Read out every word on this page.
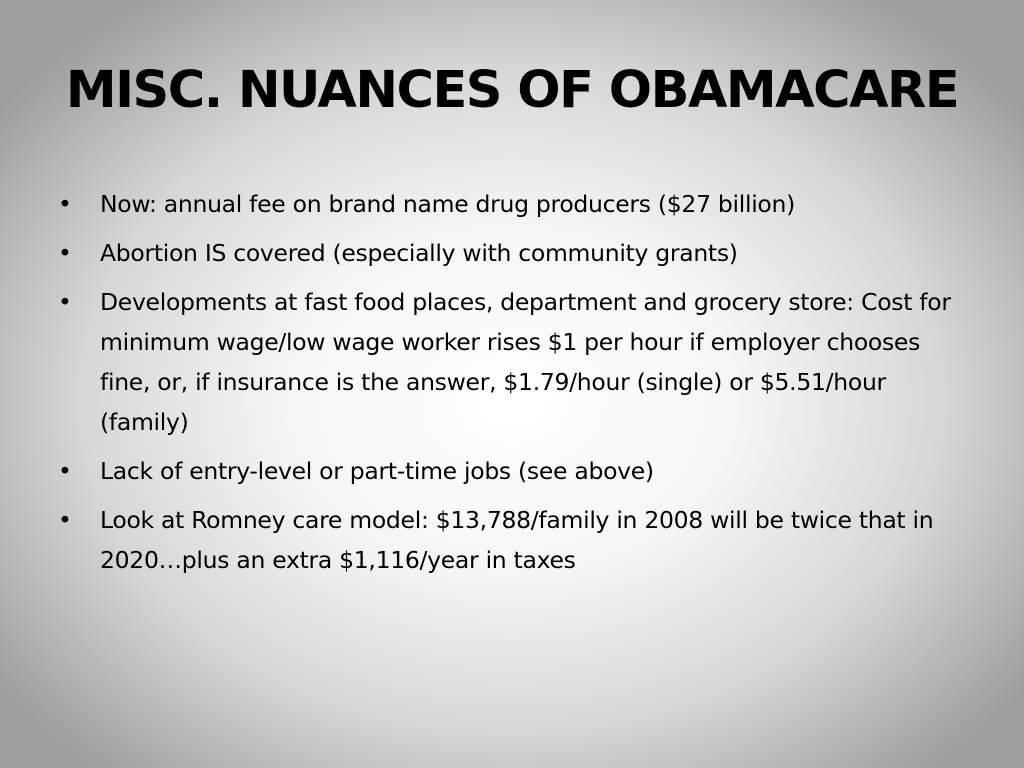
MISC. NUANCES OF OBAMACARE
• Now: annual fee on brand name drug producers ($27 billion)
• Abortion IS covered (especially with community grants)
• Developments at fast food places, department and grocery store: Cost for minimum wage/low wage worker rises $1 per hour if employer chooses fine, or, if insurance is the answer, $1.79/hour (single) or $5.51/hour (family)
• Lack of entry-level or part-time jobs (see above)
• Look at Romney care model: $13,788/family in 2008 will be twice that in 2020…plus an extra $1,116/year in taxes
